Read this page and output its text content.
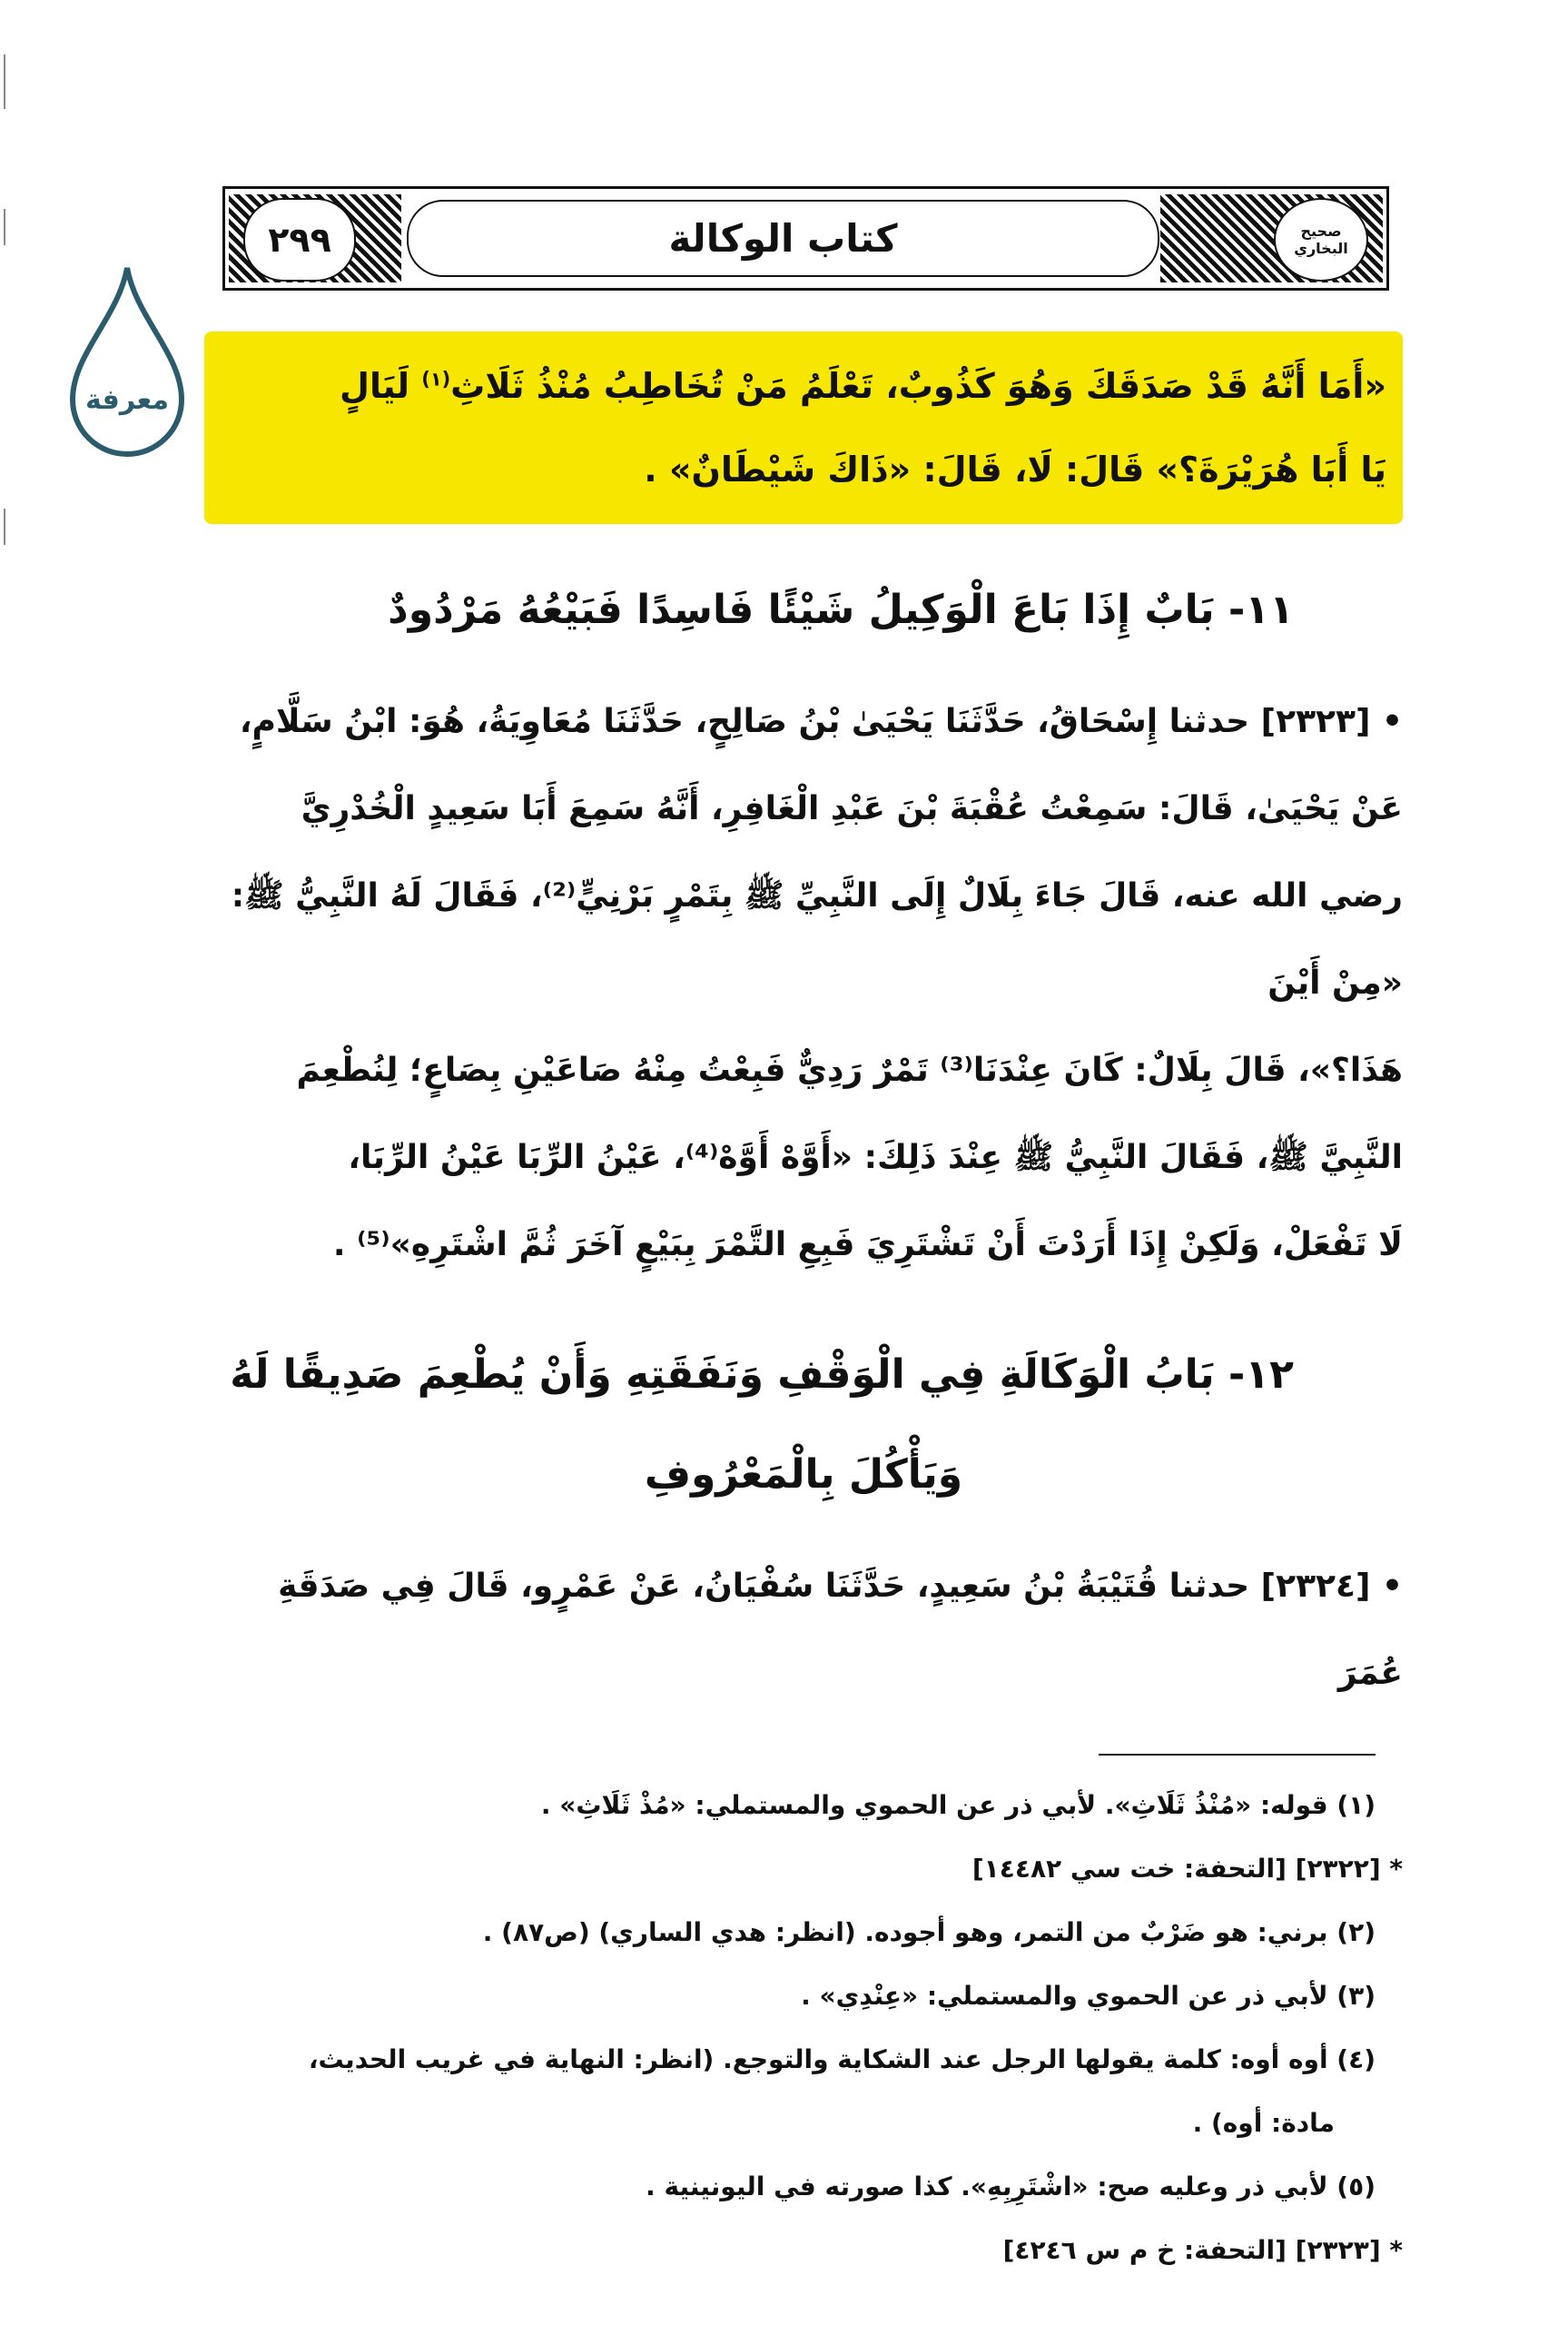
معرفة
٢٩٩	كتاب الوكالة	صحيح البخاري
«أَمَا أَنَّهُ قَدْ صَدَقَكَ وَهُوَ كَذُوبٌ، تَعْلَمُ مَنْ تُخَاطِبُ مُنْذُ ثَلَاثِ$^{(١)}$ لَيَالٍ
يَا أَبَا هُرَيْرَةَ؟» قَالَ: لَا، قَالَ: «ذَاكَ شَيْطَانٌ» .
١١- بَابٌ إِذَا بَاعَ الْوَكِيلُ شَيْئًا فَاسِدًا فَبَيْعُهُ مَرْدُودٌ
• [٢٣٢٣] حدثنا إِسْحَاقُ، حَدَّثَنَا يَحْيَىٰ بْنُ صَالِحٍ، حَدَّثَنَا مُعَاوِيَةُ، هُوَ: ابْنُ سَلَّامٍ،
عَنْ يَحْيَىٰ، قَالَ: سَمِعْتُ عُقْبَةَ بْنَ عَبْدِ الْغَافِرِ، أَنَّهُ سَمِعَ أَبَا سَعِيدٍ الْخُدْرِيَّ
رضي الله عنه، قَالَ جَاءَ بِلَالٌ إِلَى النَّبِيِّ ﷺ بِتَمْرٍ بَرْنِيٍّ⁽²⁾، فَقَالَ لَهُ النَّبِيُّ ﷺ: «مِنْ أَيْنَ
هَذَا؟»، قَالَ بِلَالٌ: كَانَ عِنْدَنَا⁽³⁾ تَمْرٌ رَدِيٌّ فَبِعْتُ مِنْهُ صَاعَيْنِ بِصَاعٍ؛ لِنُطْعِمَ
النَّبِيَّ ﷺ، فَقَالَ النَّبِيُّ ﷺ عِنْدَ ذَلِكَ: «أَوَّهْ أَوَّهْ⁽⁴⁾، عَيْنُ الرِّبَا عَيْنُ الرِّبَا،
لَا تَفْعَلْ، وَلَكِنْ إِذَا أَرَدْتَ أَنْ تَشْتَرِيَ فَبِعِ التَّمْرَ بِبَيْعٍ آخَرَ ثُمَّ اشْتَرِهِ»⁽⁵⁾ .
١٢- بَابُ الْوَكَالَةِ فِي الْوَقْفِ وَنَفَقَتِهِ وَأَنْ يُطْعِمَ صَدِيقًا لَهُ
وَيَأْكُلَ بِالْمَعْرُوفِ
• [٢٣٢٤] حدثنا قُتَيْبَةُ بْنُ سَعِيدٍ، حَدَّثَنَا سُفْيَانُ، عَنْ عَمْرٍو، قَالَ فِي صَدَقَةِ عُمَرَ
(١) قوله: «مُنْذُ ثَلَاثِ». لأبي ذر عن الحموي والمستملي: «مُذْ ثَلَاثِ» .
* [٢٣٢٢] [التحفة: خت سي ١٤٤٨٢]
(٢) برني: هو ضَرْبٌ من التمر، وهو أجوده. (انظر: هدي الساري) (ص٨٧) .
(٣) لأبي ذر عن الحموي والمستملي: «عِنْدِي» .
(٤) أوه أوه: كلمة يقولها الرجل عند الشكاية والتوجع. (انظر: النهاية في غريب الحديث،
مادة: أوه) .
(٥) لأبي ذر وعليه صح: «اشْتَرِبِهِ». كذا صورته في اليونينية .
* [٢٣٢٣] [التحفة: خ م س ٤٢٤٦]
